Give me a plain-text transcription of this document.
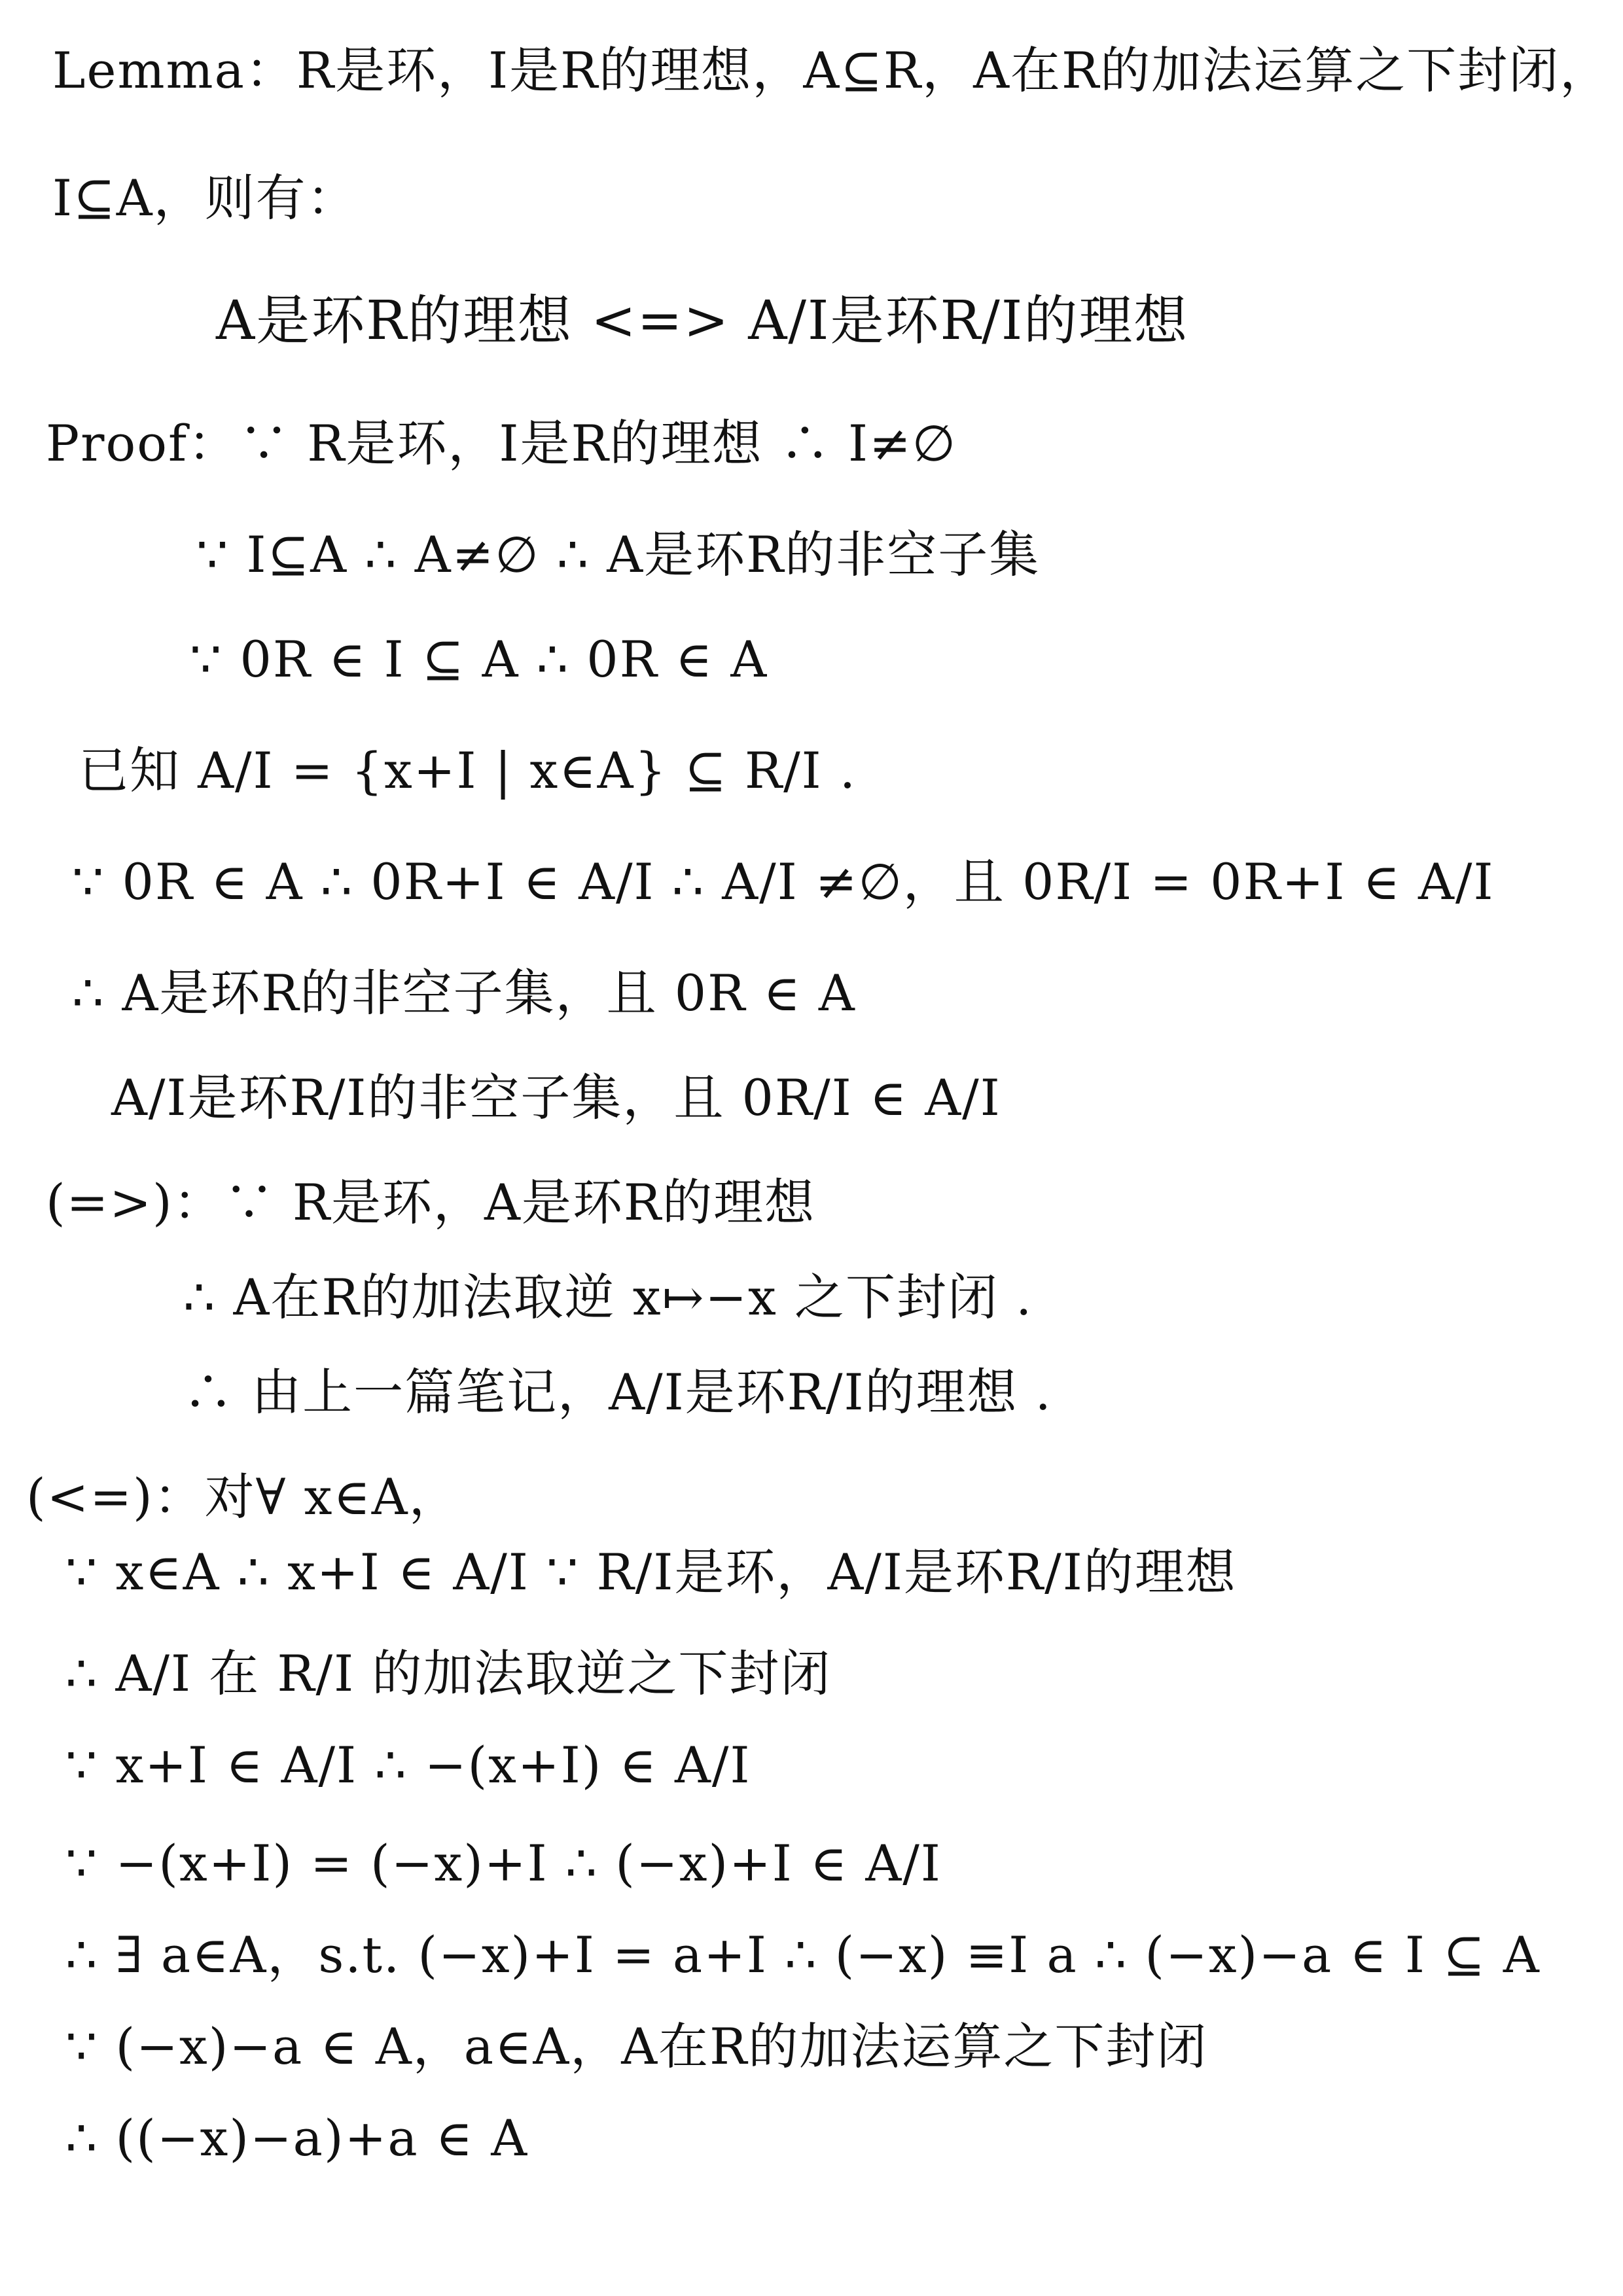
Lemma：R是环，I是R的理想，A⊆R，A在R的加法运算之下封闭，
I⊆A，则有：
A是环R的理想 <=> A/I是环R/I的理想
Proof：∵ R是环，I是R的理想 ∴ I≠∅
∵ I⊆A ∴ A≠∅ ∴ A是环R的非空子集
∵ 0R ∈ I ⊆ A ∴ 0R ∈ A
已知 A/I = {x+I | x∈A} ⊆ R/I .
∵ 0R ∈ A ∴ 0R+I ∈ A/I ∴ A/I ≠∅，且 0R/I = 0R+I ∈ A/I
∴ A是环R的非空子集，且 0R ∈ A
A/I是环R/I的非空子集，且 0R/I ∈ A/I
(=>)：∵ R是环，A是环R的理想
∴ A在R的加法取逆 x↦−x 之下封闭 .
∴ 由上一篇笔记，A/I是环R/I的理想 .
(<=)：对∀ x∈A，
∵ x∈A ∴ x+I ∈ A/I ∵ R/I是环，A/I是环R/I的理想
∴ A/I 在 R/I 的加法取逆之下封闭
∵ x+I ∈ A/I ∴ −(x+I) ∈ A/I
∵ −(x+I) = (−x)+I ∴ (−x)+I ∈ A/I
∴ ∃ a∈A，s.t. (−x)+I = a+I ∴ (−x) ≡I a ∴ (−x)−a ∈ I ⊆ A
∵ (−x)−a ∈ A，a∈A，A在R的加法运算之下封闭
∴ ((−x)−a)+a ∈ A
